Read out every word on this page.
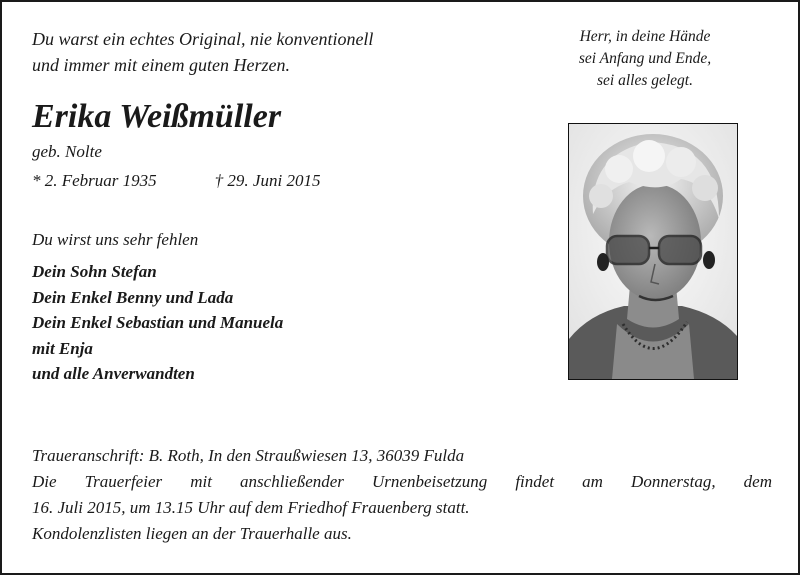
Du warst ein echtes Original, nie konventionell
und immer mit einem guten Herzen.
Herr, in deine Hände
sei Anfang und Ende,
sei alles gelegt.
Erika Weißmüller
geb. Nolte
* 2. Februar 1935	† 29. Juni 2015
Du wirst uns sehr fehlen
Dein Sohn Stefan
Dein Enkel Benny und Lada
Dein Enkel Sebastian und Manuela
mit Enja
und alle Anverwandten
Traueranschrift: B. Roth, In den Straußwiesen 13, 36039 Fulda
Die Trauerfeier mit anschließender Urnenbeisetzung findet am Donnerstag, dem
16. Juli 2015, um 13.15 Uhr auf dem Friedhof Frauenberg statt.
Kondolenzlisten liegen an der Trauerhalle aus.
